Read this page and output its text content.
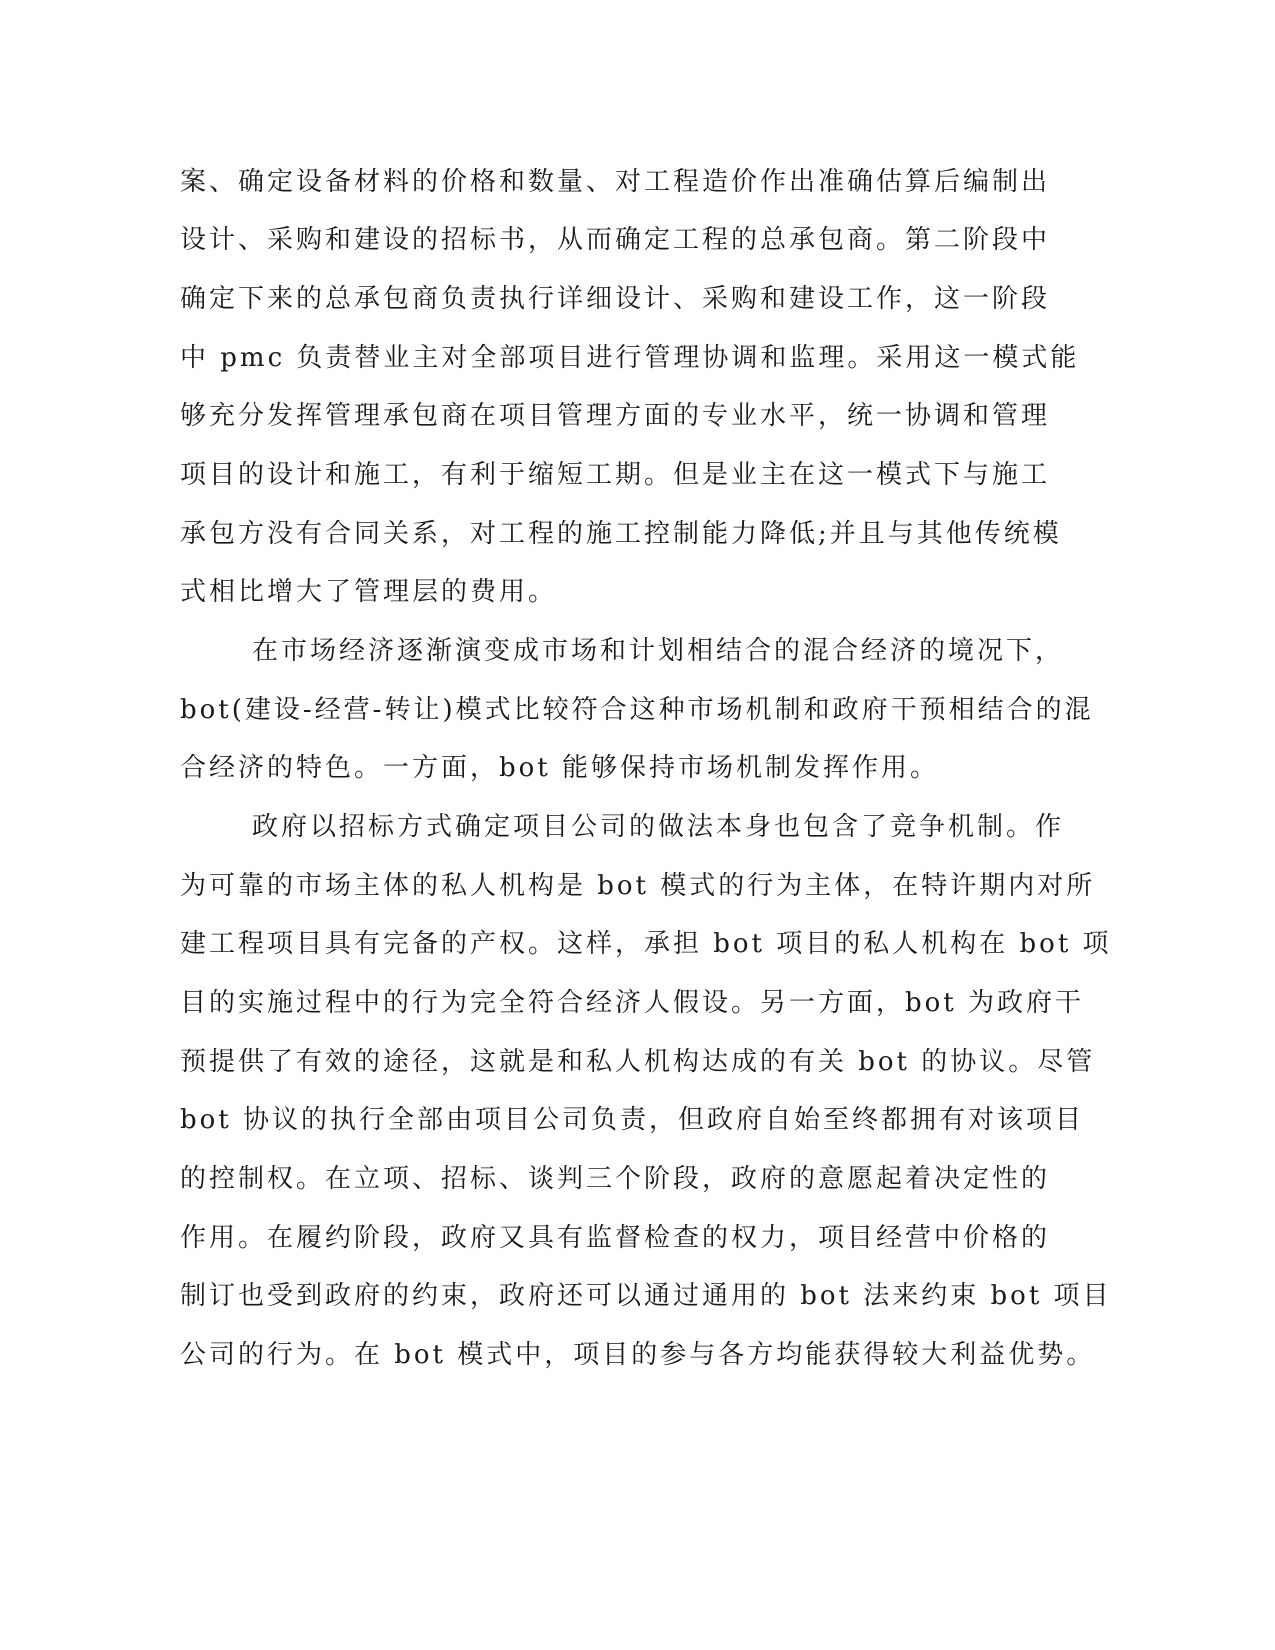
案、确定设备材料的价格和数量、对工程造价作出准确估算后编制出
设计、采购和建设的招标书，从而确定工程的总承包商。第二阶段中
确定下来的总承包商负责执行详细设计、采购和建设工作，这一阶段
中 pmc 负责替业主对全部项目进行管理协调和监理。采用这一模式能
够充分发挥管理承包商在项目管理方面的专业水平，统一协调和管理
项目的设计和施工，有利于缩短工期。但是业主在这一模式下与施工
承包方没有合同关系，对工程的施工控制能力降低;并且与其他传统模
式相比增大了管理层的费用。
在市场经济逐渐演变成市场和计划相结合的混合经济的境况下，
bot(建设-经营-转让)模式比较符合这种市场机制和政府干预相结合的混
合经济的特色。一方面，bot 能够保持市场机制发挥作用。
政府以招标方式确定项目公司的做法本身也包含了竞争机制。作
为可靠的市场主体的私人机构是 bot 模式的行为主体，在特许期内对所
建工程项目具有完备的产权。这样，承担 bot 项目的私人机构在 bot 项
目的实施过程中的行为完全符合经济人假设。另一方面，bot 为政府干
预提供了有效的途径，这就是和私人机构达成的有关 bot 的协议。尽管
bot 协议的执行全部由项目公司负责，但政府自始至终都拥有对该项目
的控制权。在立项、招标、谈判三个阶段，政府的意愿起着决定性的
作用。在履约阶段，政府又具有监督检查的权力，项目经营中价格的
制订也受到政府的约束，政府还可以通过通用的 bot 法来约束 bot 项目
公司的行为。在 bot 模式中，项目的参与各方均能获得较大利益优势。
